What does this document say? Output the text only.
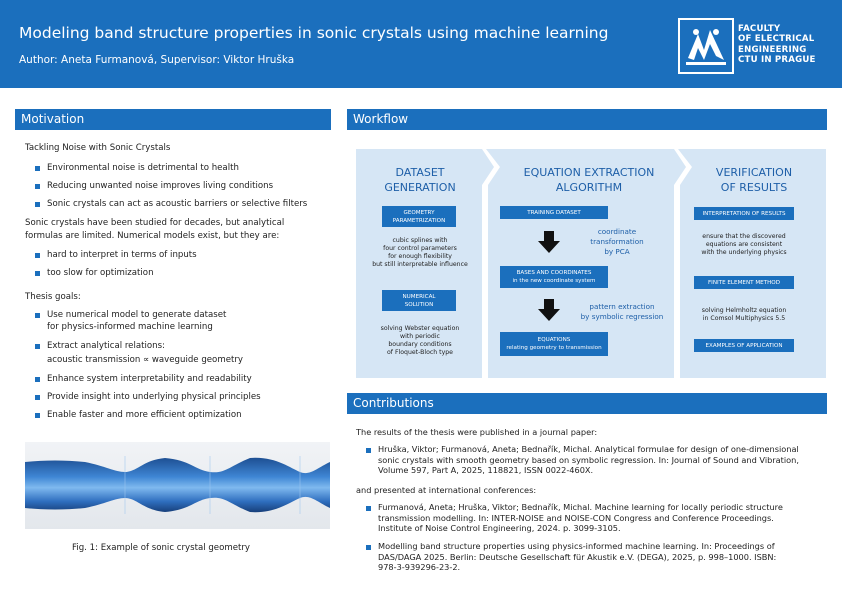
Modeling band structure properties in sonic crystals using machine learning
Author: Aneta Furmanová, Supervisor: Viktor Hruška
FACULTY
OF ELECTRICAL
ENGINEERING
CTU IN PRAGUE
Motivation
Tackling Noise with Sonic Crystals
Environmental noise is detrimental to health
Reducing unwanted noise improves living conditions
Sonic crystals can act as acoustic barriers or selective filters
Sonic crystals have been studied for decades, but analytical
formulas are limited. Numerical models exist, but they are:
hard to interpret in terms of inputs
too slow for optimization
Thesis goals:
Use numerical model to generate dataset
for physics-informed machine learning
Extract analytical relations:
acoustic transmission ∝ waveguide geometry
Enhance system interpretability and readability
Provide insight into underlying physical principles
Enable faster and more efficient optimization
Fig. 1: Example of sonic crystal geometry
Workflow
DATASET
GENERATION
GEOMETRY
PARAMETRIZATION
cubic splines with
four control parameters
for enough flexibility
but still interpretable influence
NUMERICAL
SOLUTION
solving Webster equation
with periodic
boundary conditions
of Floquet-Bloch type
EQUATION EXTRACTION
ALGORITHM
TRAINING DATASET
coordinate
transformation
by PCA
BASES AND COORDINATES
in the new coordinate system
pattern extraction
by symbolic regression
EQUATIONS
relating geometry to transmission
VERIFICATION
OF RESULTS
INTERPRETATION OF RESULTS
ensure that the discovered
equations are consistent
with the underlying physics
FINITE ELEMENT METHOD
solving Helmholtz equation
in Comsol Multiphysics 5.5
EXAMPLES OF APPLICATION
Contributions
The results of the thesis were published in a journal paper:
Hruška, Viktor; Furmanová, Aneta; Bednařík, Michal. Analytical formulae for design of one-dimensional
sonic crystals with smooth geometry based on symbolic regression. In: Journal of Sound and Vibration,
Volume 597, Part A, 2025, 118821, ISSN 0022-460X.
and presented at international conferences:
Furmanová, Aneta; Hruška, Viktor; Bednařík, Michal. Machine learning for locally periodic structure
transmission modelling. In: INTER-NOISE and NOISE-CON Congress and Conference Proceedings.
Institute of Noise Control Engineering, 2024. p. 3099-3105.
Modelling band structure properties using physics-informed machine learning. In: Proceedings of
DAS/DAGA 2025. Berlin: Deutsche Gesellschaft für Akustik e.V. (DEGA), 2025, p. 998–1000. ISBN:
978-3-939296-23-2.
